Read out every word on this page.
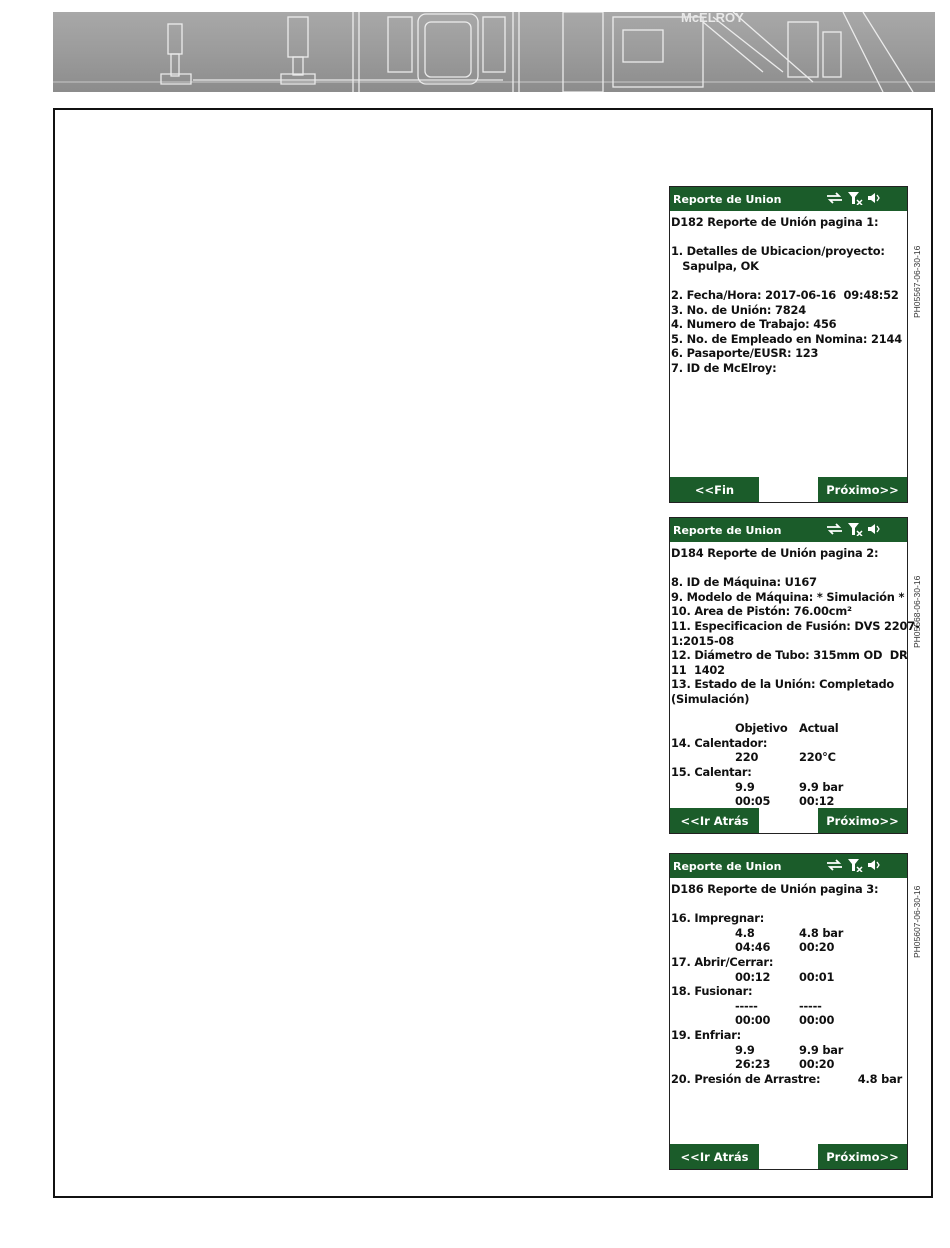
McELROY
Reporte de Union
D182 Reporte de Unión pagina 1:

1. Detalles de Ubicacion/proyecto:
Sapulpa, OK

2. Fecha/Hora: 2017-06-16  09:48:52
3. No. de Unión: 7824
4. Numero de Trabajo: 456
5. No. de Empleado en Nomina: 2144
6. Pasaporte/EUSR: 123
7. ID de McElroy:
<<Fin	Próximo>>
PH05567-06-30-16
Reporte de Union
D184 Reporte de Unión pagina 2:

8. ID de Máquina: U167
9. Modelo de Máquina: * Simulación *
10. Area de Pistón: 76.00cm²
11. Especificacion de Fusión: DVS 2207-
1:2015-08
12. Diámetro de Tubo: 315mm OD  DR
11  1402
13. Estado de la Unión: Completado
(Simulación)

Objetivo Actual
14. Calentador:
220	220°C
15. Calentar:
9.9	9.9 bar
00:05	00:12
<<Ir Atrás	Próximo>>
PH05568-06-30-16
Reporte de Union
D186 Reporte de Unión pagina 3:
16. Impregnar:
4.8	4.8 bar
04:46	00:20
17. Abrir/Cerrar:
00:12	00:01
18. Fusionar:
-----	-----
00:00	00:00
19. Enfriar:
9.9	9.9 bar
26:23	00:20
20. Presión de Arrastre:	4.8 bar
<<Ir Atrás	Próximo>>
PH05607-06-30-16
